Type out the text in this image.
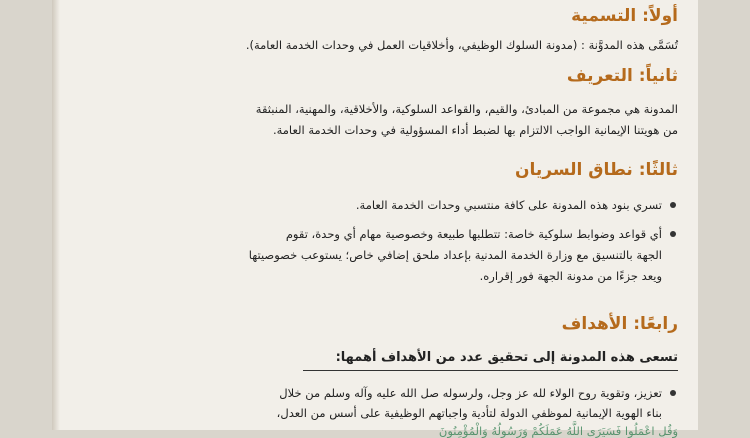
أولاً: التسمية
تُسَمَّى هذه المدوَّنة : (مدونة السلوك الوظيفي، وأخلاقيات العمل في وحدات الخدمة العامة).
ثانياً: التعريف
المدونة هي مجموعة من المبادئ، والقيم، والقواعد السلوكية، والأخلاقية، والمهنية، المنبثقة
من هويتنا الإيمانية الواجب الالتزام بها لضبط أداء المسؤولية في وحدات الخدمة العامة.
ثالثًا: نطاق السريان
تسري بنود هذه المدونة على كافة منتسبي وحدات الخدمة العامة.
أي قواعد وضوابط سلوكية خاصة: تتطلبها طبيعة وخصوصية مهام أي وحدة، تقوم
الجهة بالتنسيق مع وزارة الخدمة المدنية بإعداد ملحق إضافي خاص؛ يستوعب خصوصيتها
ويعد جزءًا من مدونة الجهة فور إقراره.
رابعًا: الأهداف
تسعى هذه المدونة إلى تحقيق عدد من الأهداف أهمها:
تعزيز، وتقوية روح الولاء لله عز وجل، ولرسوله صل الله عليه وآله وسلم من خلال
بناء الهوية الإيمانية لموظفي الدولة لتأدية واجباتهم الوظيفية على أسس من العدل،
وَقُلِ اعْمَلُوا فَسَيَرَى اللَّهُ عَمَلَكُمْ وَرَسُولُهُ وَالْمُؤْمِنُونَ
